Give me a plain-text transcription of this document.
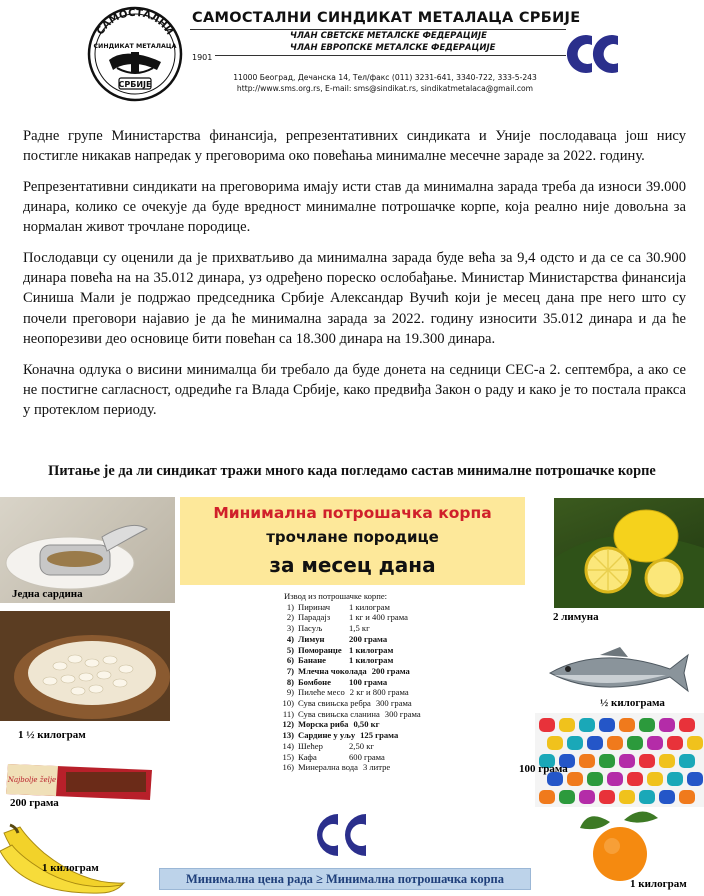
САМОСТАЛНИ
СИНДИКАТ МЕТАЛАЦА
СРБИЈЕ
САМОСТАЛНИ СИНДИКАТ МЕТАЛАЦА СРБИЈЕ
ЧЛАН СВЕТСКЕ МЕТАЛСКЕ ФЕДЕРАЦИЈЕ
ЧЛАН ЕВРОПСКЕ МЕТАЛСКЕ ФЕДЕРАЦИЈЕ
1901
11000 Београд, Дечанска 14, Тел/факс (011) 3231-641, 3340-722, 333-5-243
http://www.sms.org.rs, E-mail: sms@sindikat.rs, sindikatmetalaca@gmail.com

Радне групе Министарства финансија, репрезентативних синдиката и Уније послодаваца још нису постигле никакав напредак у преговорима око повећања минималне месечне зараде за 2022. годину.

Репрезентативни синдикати на преговорима имају исти став да минимална зарада треба да износи 39.000 динара, колико се очекује да буде вредност минималне потрошачке корпе, која реално није довољна за нормалан живот трочлане породице.

Послодавци су оценили да је прихватљиво да минимална зарада буде већа за 9,4 одсто и да се са 30.900 динара повећа на на 35.012 динара, уз одређено пореско ослобађање. Министар Министарства финансија Синиша Мали је подржао председника Србије Александар Вучић који је месец дана пре него што су почели преговори најавио је да ће минимална зарада за 2022. годину износити 35.012 динара и да ће неопорезиви део основице бити повећан са 18.300 динара на 19.300 динара.

Коначна одлука о висини минималца би требало да буде донета на седници СЕС-а 2. септембра, а ако се не постигне сагласност, одредиће га Влада Србије, како предвиђа Закон о раду и како је то постала пракса у протеклом периоду.

Питање је да ли синдикат тражи много када погледамо састав минималне потрошачке корпе
Једна сардина
1 ½ килограм
Najbolje želje
200 грама
1 килограм
Минимална потрошачка корпа
трочлане породице
за месец дана
Извод из потрошачке корпе:
1) Пиринач 1 килограм
2) Парадајз 1 кг и 400 грама
3) Пасуљ	1,5 кг
4) Лимун	200 грама
5) Поморанџе 1 килограм
6) Банане	1 килограм
7) Млечна чоколада 200 грама
8) Бомбоне 100 грама
9) Пилеће месо 2 кг и 800 грама
10) Сува свињска ребра 300 грама
11) Сува свињска сланина 300 грама
12) Морска риба 0,50 кг
13) Сардине у уљу 125 грама
14) Шећер	2,50 кг
15) Кафа	600 грама
16) Минерална вода 3 литре
2 лимуна
½ килограма
100 грама
1 килограм
Минимална цена рада ≥ Минимална потрошачка корпа
